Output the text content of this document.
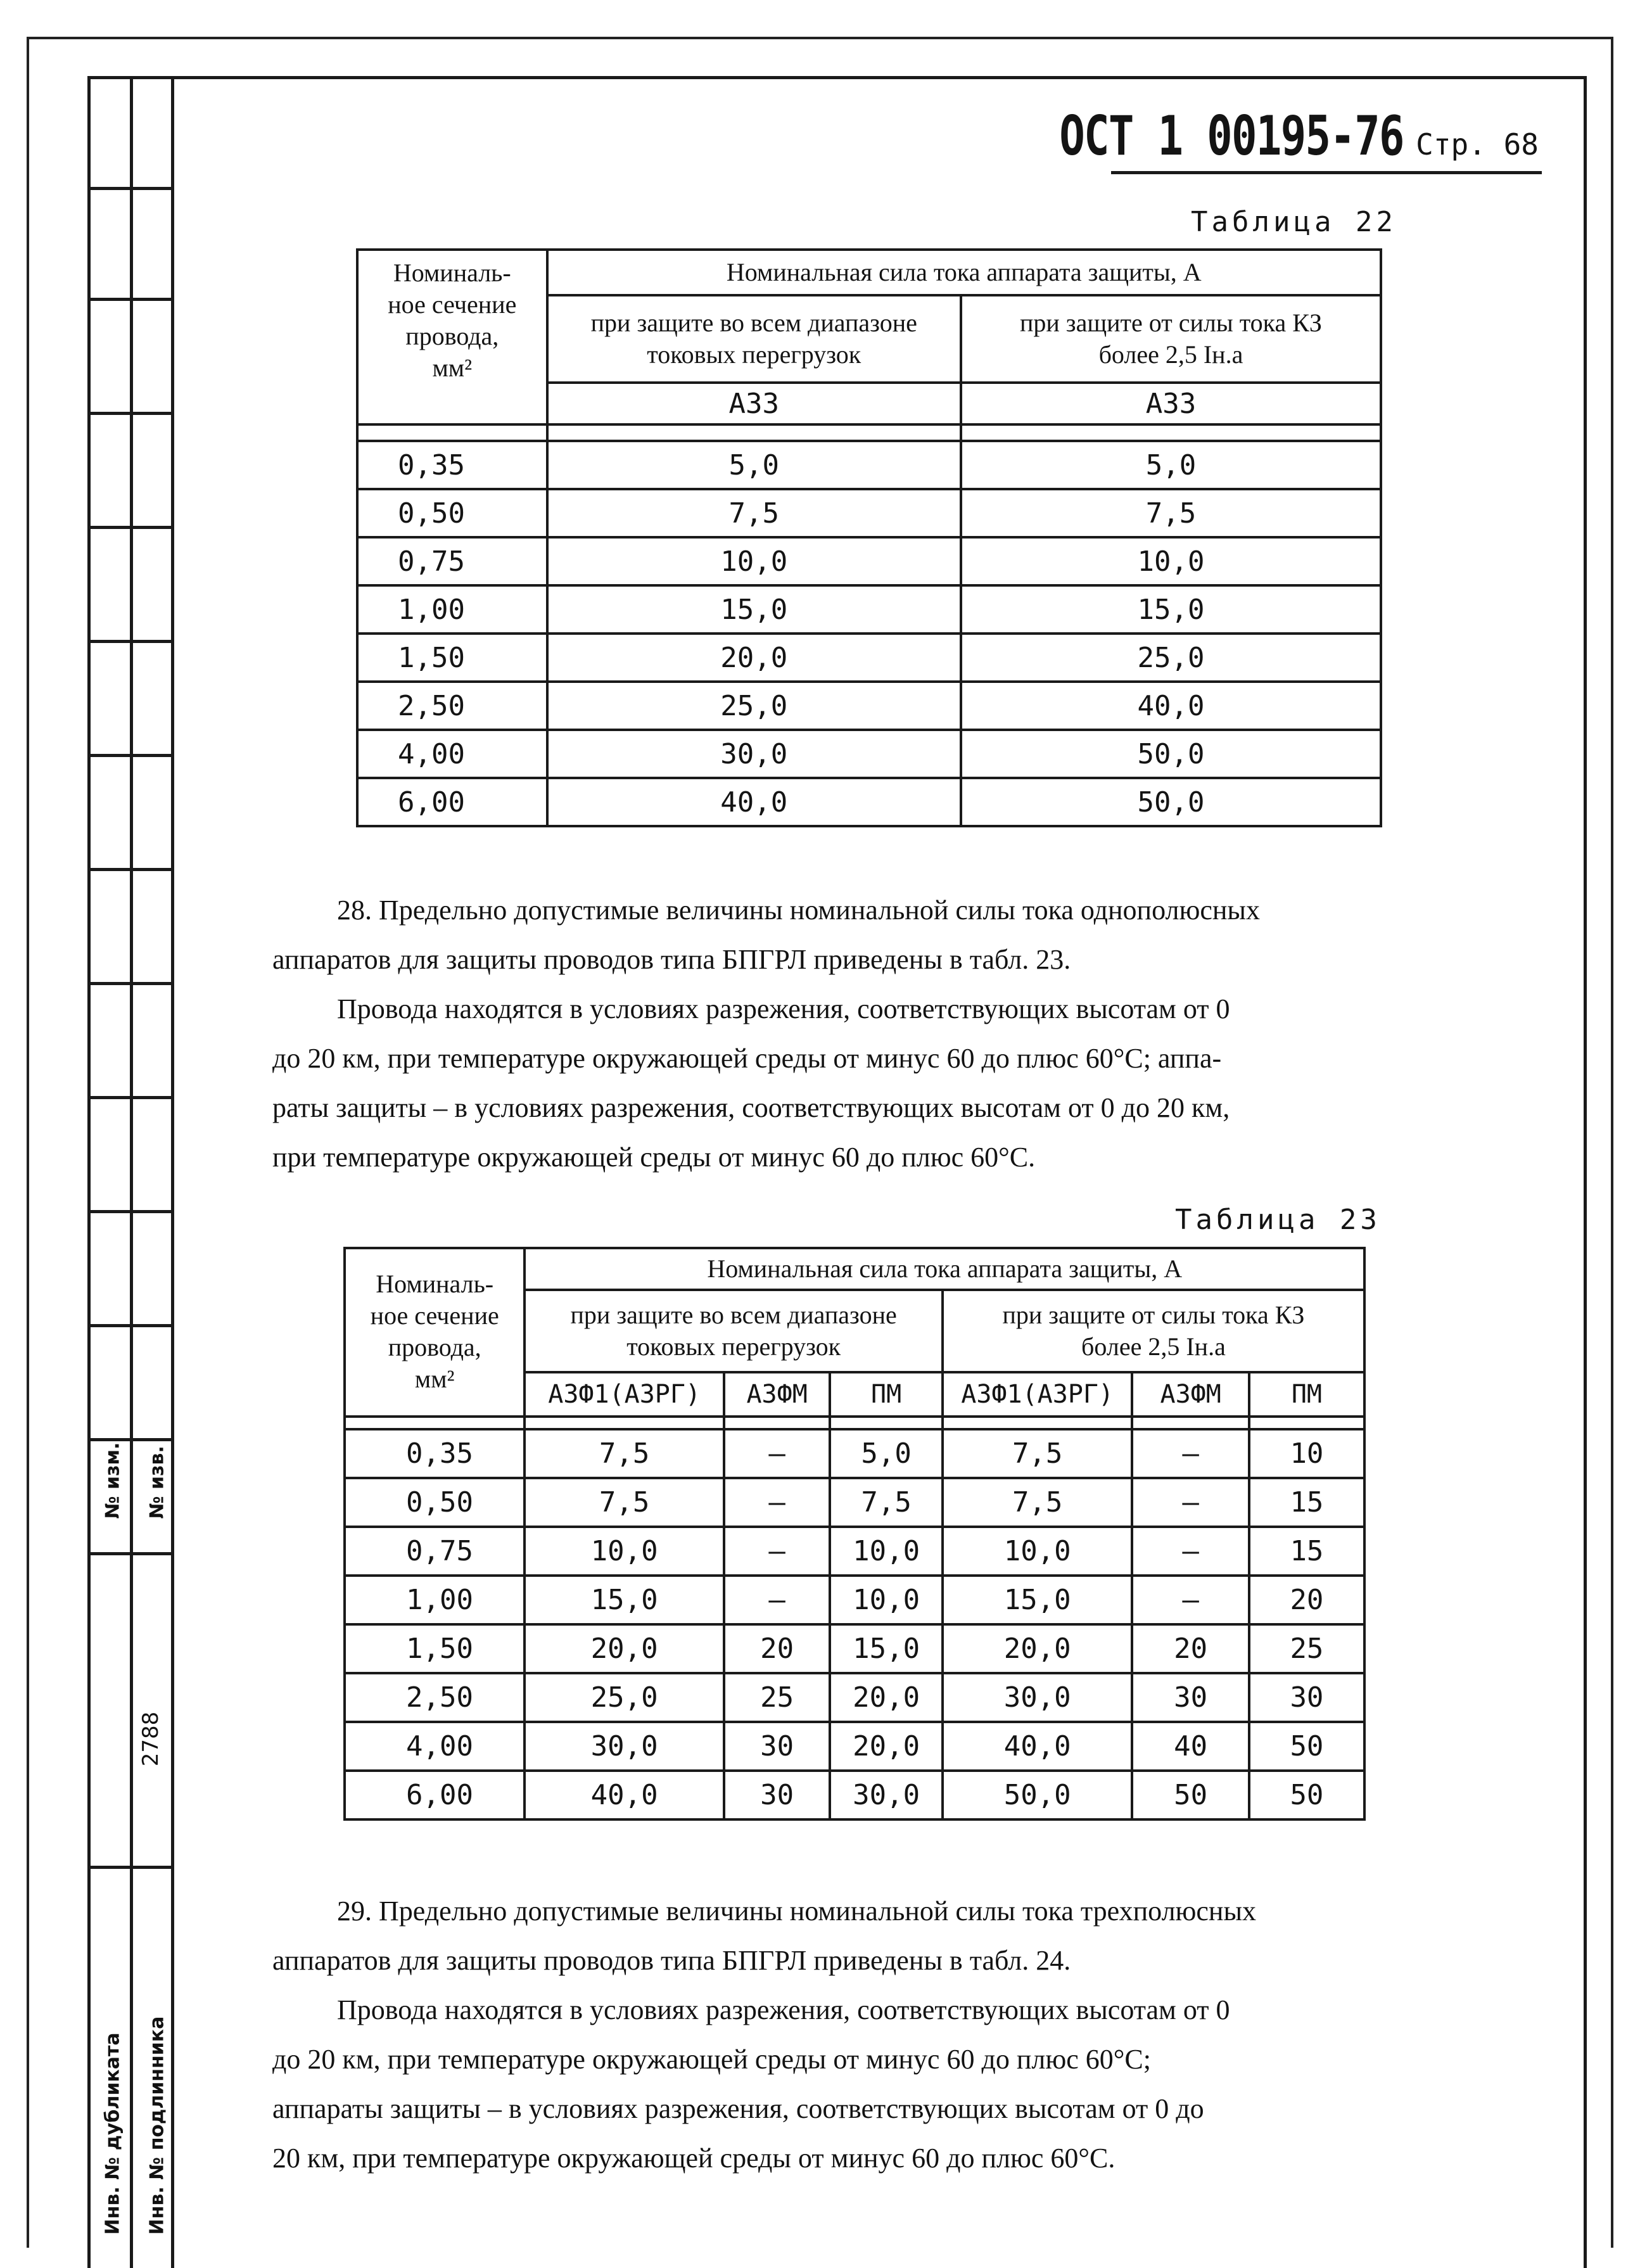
№ изм. № изв.
2788
Инв. № дубликата Инв. № подлинника
ОСТ 1 00195-76 Стр. 68
Таблица 22
Номиналь-
ное сечение
провода,
мм²	Номинальная сила тока аппарата защиты, А	
	при защите во всем диапазоне
токовых перегрузок	при защите от силы тока КЗ
более 2,5 Iн.а
	АЗЗ	АЗЗ

0,35	5,0	5,0
0,50	7,5	7,5
0,75	10,0	10,0
1,00	15,0	15,0
1,50	20,0	25,0
2,50	25,0	40,0
4,00	30,0	50,0
6,00	40,0	50,0
28. Предельно допустимые величины номинальной силы тока однополюсных
аппаратов для защиты проводов типа БПГРЛ приведены в табл. 23.
Провода находятся в условиях разрежения, соответствующих высотам от 0
до 20 км, при температуре окружающей среды от минус 60 до плюс 60°С; аппа-
раты защиты – в условиях разрежения, соответствующих высотам от 0 до 20 км,
при температуре окружающей среды от минус 60 до плюс 60°С.
Таблица 23
Номиналь-
ное сечение
провода,
мм²	Номинальная сила тока аппарата защиты, А					
	при защите во всем диапазоне
токовых перегрузок			при защите от силы тока КЗ
более 2,5 Iн.а		
	АЗФ1(АЗРГ)	АЗФМ	ПМ	АЗФ1(АЗРГ)	АЗФМ	ПМ

0,35	7,5	–	5,0	7,5	–	10
0,50	7,5	–	7,5	7,5	–	15
0,75	10,0	–	10,0	10,0	–	15
1,00	15,0	–	10,0	15,0	–	20
1,50	20,0	20	15,0	20,0	20	25
2,50	25,0	25	20,0	30,0	30	30
4,00	30,0	30	20,0	40,0	40	50
6,00	40,0	30	30,0	50,0	50	50
29. Предельно допустимые величины номинальной силы тока трехполюсных
аппаратов для защиты проводов типа БПГРЛ приведены в табл. 24.
Провода находятся в условиях разрежения, соответствующих высотам от 0
до 20 км, при температуре окружающей среды от минус 60 до плюс 60°С;
аппараты защиты – в условиях разрежения, соответствующих высотам от 0 до
20 км, при температуре окружающей среды от минус 60 до плюс 60°С.
